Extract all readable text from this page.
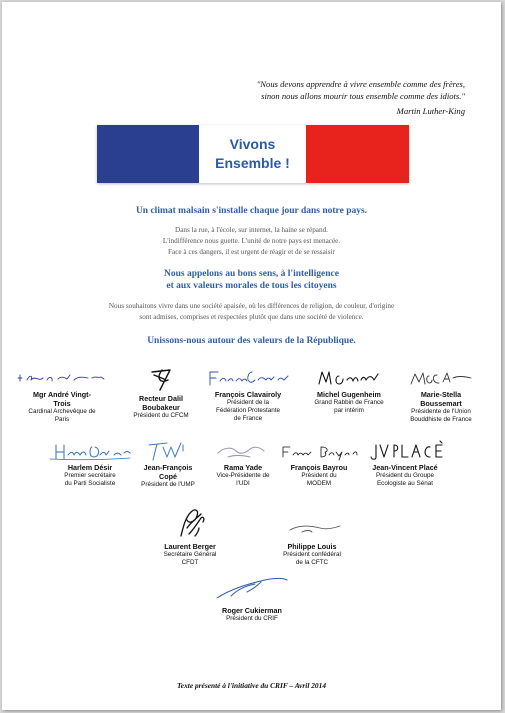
"Nous devons apprendre à vivre ensemble comme des frères,
sinon nous allons mourir tous ensemble comme des idiots."
Martin Luther-King
Vivons
Ensemble !
Un climat malsain s'installe chaque jour dans notre pays.
Dans la rue, à l'école, sur internet, la haine se répand.
L'indifférence nous guette. L'unité de notre pays est menacée.
Face à ces dangers, il est urgent de réagir et de se ressaisir
Nous appelons au bons sens, à l'intelligence
et aux valeurs morales de tous les citoyens
Nous souhaitons vivre dans une société apaisée, où les différences de religion, de couleur, d'origine
sont admises, comprises et respectées plutôt que dans une société de violence.
Unissons-nous autour des valeurs de la République.
Mgr André Vingt-
Trois
Cardinal Archevêque de
Paris
Recteur Dalil
Boubakeur
Président du CFCM
François Clavairoly
Président de la
Fédération Protestante
de France
Michel Gugenheim
Grand Rabbin de France
par intérim
Marie-Stella
Boussemart
Présidente de l'Union
Bouddhiste de France
Harlem Désir
Premier secrétaire
du Parti Socialiste
Jean-François
Copé
Président de l'UMP
Rama Yade
Vice-Présidente de
l'UDI
François Bayrou
Président du
MODEM
Jean-Vincent Placé
Président du Groupe
Ecologiste au Sénat
Laurent Berger
Secrétaire Général
CFDT
Philippe Louis
Président confédéral
de la CFTC
Roger Cukierman
Président du CRIF
Texte présenté à l'initiative du CRIF – Avril 2014
